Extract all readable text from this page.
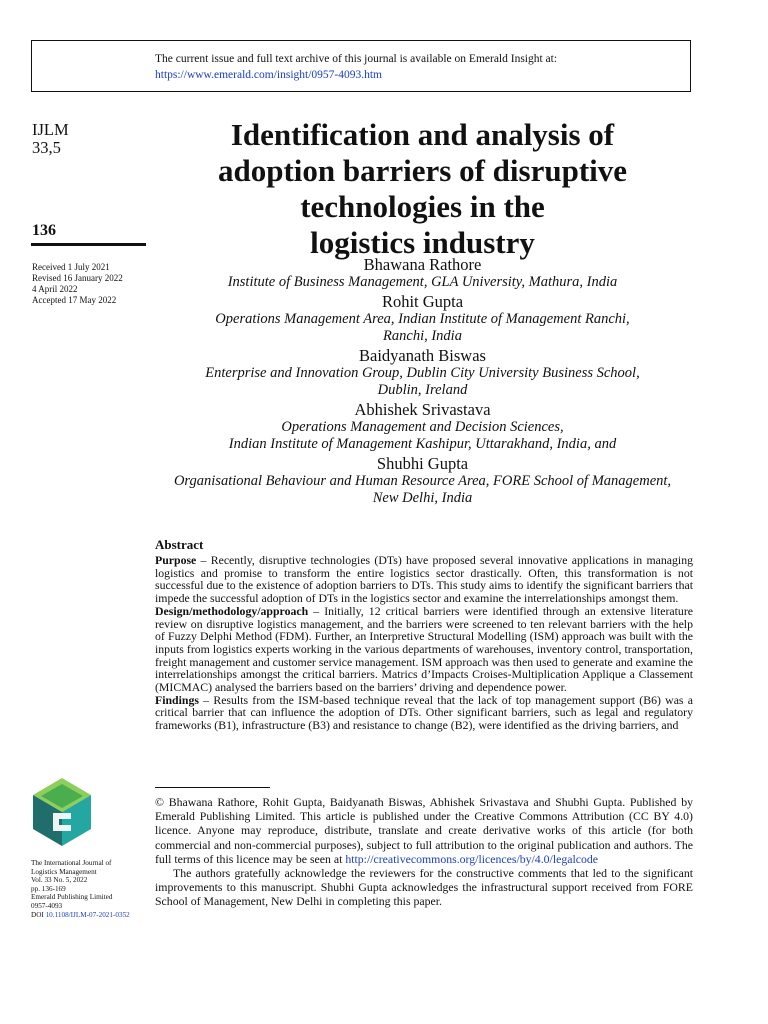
The current issue and full text archive of this journal is available on Emerald Insight at:
https://www.emerald.com/insight/0957-4093.htm
IJLM
33,5
136
Received 1 July 2021
Revised 16 January 2022
4 April 2022
Accepted 17 May 2022
Identification and analysis of
adoption barriers of disruptive
technologies in the
logistics industry
Bhawana Rathore
Institute of Business Management, GLA University, Mathura, India
Rohit Gupta
Operations Management Area, Indian Institute of Management Ranchi,
Ranchi, India
Baidyanath Biswas
Enterprise and Innovation Group, Dublin City University Business School,
Dublin, Ireland
Abhishek Srivastava
Operations Management and Decision Sciences,
Indian Institute of Management Kashipur, Uttarakhand, India, and
Shubhi Gupta
Organisational Behaviour and Human Resource Area, FORE School of Management,
New Delhi, India
Abstract

Purpose – Recently, disruptive technologies (DTs) have proposed several innovative applications in managing logistics and promise to transform the entire logistics sector drastically. Often, this transformation is not successful due to the existence of adoption barriers to DTs. This study aims to identify the significant barriers that impede the successful adoption of DTs in the logistics sector and examine the interrelationships amongst them.

Design/methodology/approach – Initially, 12 critical barriers were identified through an extensive literature review on disruptive logistics management, and the barriers were screened to ten relevant barriers with the help of Fuzzy Delphi Method (FDM). Further, an Interpretive Structural Modelling (ISM) approach was built with the inputs from logistics experts working in the various departments of warehouses, inventory control, transportation, freight management and customer service management. ISM approach was then used to generate and examine the interrelationships amongst the critical barriers. Matrics d’Impacts Croises-Multiplication Applique a Classement (MICMAC) analysed the barriers based on the barriers’ driving and dependence power.

Findings – Results from the ISM-based technique reveal that the lack of top management support (B6) was a critical barrier that can influence the adoption of DTs. Other significant barriers, such as legal and regulatory frameworks (B1), infrastructure (B3) and resistance to change (B2), were identified as the driving barriers, and

© Bhawana Rathore, Rohit Gupta, Baidyanath Biswas, Abhishek Srivastava and Shubhi Gupta. Published by Emerald Publishing Limited. This article is published under the Creative Commons Attribution (CC BY 4.0) licence. Anyone may reproduce, distribute, translate and create derivative works of this article (for both commercial and non-commercial purposes), subject to full attribution to the original publication and authors. The full terms of this licence may be seen at http://creativecommons.org/licences/by/4.0/legalcode

The authors gratefully acknowledge the reviewers for the constructive comments that led to the significant improvements to this manuscript. Shubhi Gupta acknowledges the infrastructural support received from FORE School of Management, New Delhi in completing this paper.

The International Journal of
Logistics Management
Vol. 33 No. 5, 2022
pp. 136-169
Emerald Publishing Limited
0957-4093
DOI 10.1108/IJLM-07-2021-0352
